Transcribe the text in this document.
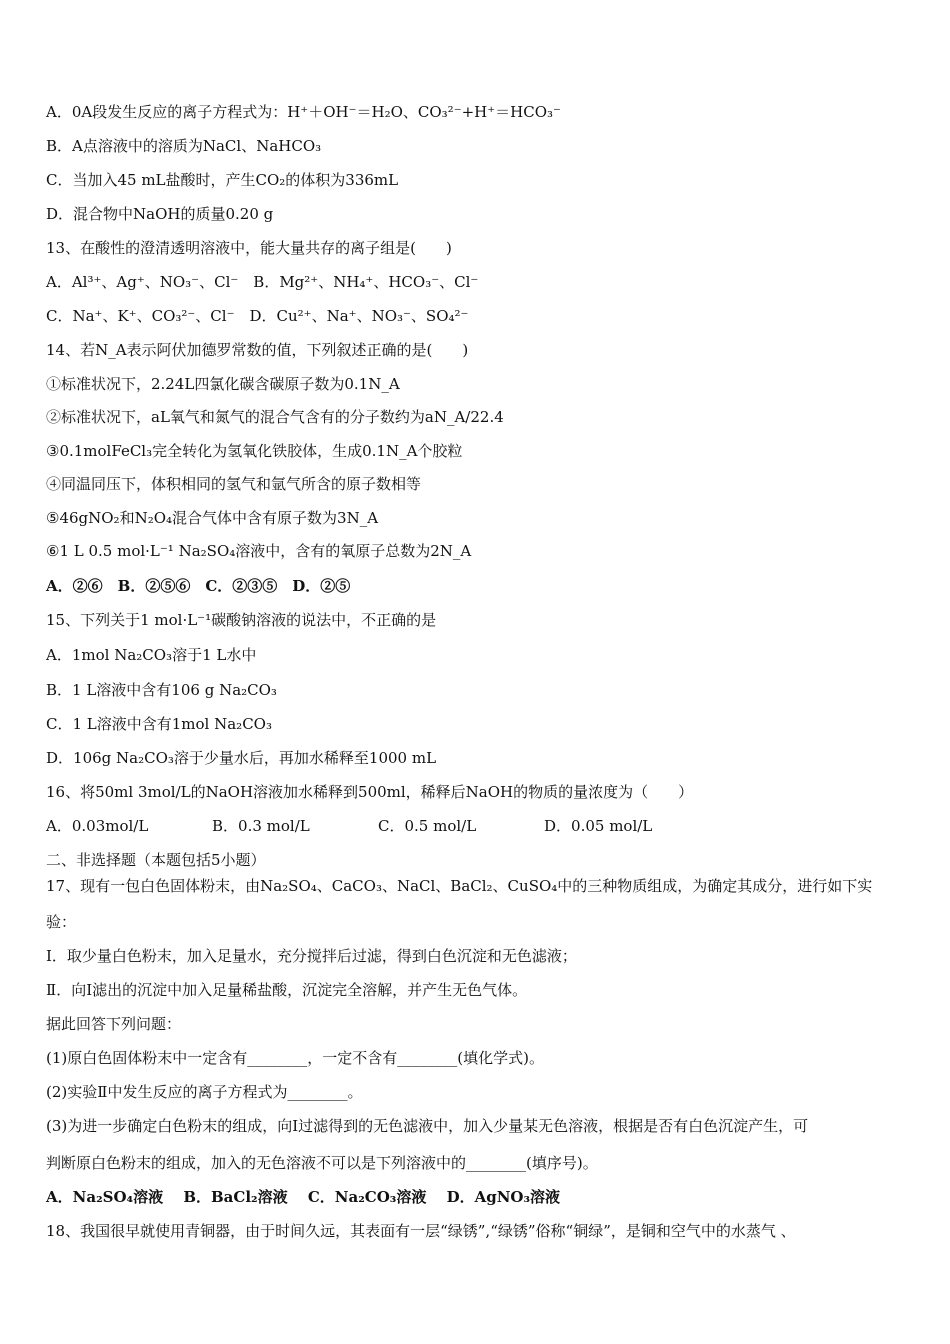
A．0A段发生反应的离子方程式为：H⁺＋OH⁻＝H₂O、CO₃²⁻+H⁺＝HCO₃⁻
B．A点溶液中的溶质为NaCl、NaHCO₃
C．当加入45 mL盐酸时，产生CO₂的体积为336mL
D．混合物中NaOH的质量0.20 g
13、在酸性的澄清透明溶液中，能大量共存的离子组是(　　)
A．Al³⁺、Ag⁺、NO₃⁻、Cl⁻　B．Mg²⁺、NH₄⁺、HCO₃⁻、Cl⁻
C．Na⁺、K⁺、CO₃²⁻、Cl⁻　D．Cu²⁺、Na⁺、NO₃⁻、SO₄²⁻
14、若N_A表示阿伏加德罗常数的值，下列叙述正确的是(　　)
①标准状况下，2.24L四氯化碳含碳原子数为0.1N_A
②标准状况下，aL氧气和氮气的混合气含有的分子数约为aN_A/22.4
③0.1molFeCl₃完全转化为氢氧化铁胶体，生成0.1N_A个胶粒
④同温同压下，体积相同的氢气和氩气所含的原子数相等
⑤46gNO₂和N₂O₄混合气体中含有原子数为3N_A
⑥1 L 0.5 mol·L⁻¹ Na₂SO₄溶液中，含有的氧原子总数为2N_A
A．②⑥　B．②⑤⑥　C．②③⑤　D．②⑤
15、下列关于1 mol·L⁻¹碳酸钠溶液的说法中，不正确的是
A．1mol Na₂CO₃溶于1 L水中
B．1 L溶液中含有106 g Na₂CO₃
C．1 L溶液中含有1mol Na₂CO₃
D．106g Na₂CO₃溶于少量水后，再加水稀释至1000 mL
16、将50ml 3mol/L的NaOH溶液加水稀释到500ml，稀释后NaOH的物质的量浓度为（　　）
A．0.03mol/L	B．0.3 mol/L	C．0.5 mol/L	D．0.05 mol/L
二、非选择题（本题包括5小题）
17、现有一包白色固体粉末，由Na₂SO₄、CaCO₃、NaCl、BaCl₂、CuSO₄中的三种物质组成，为确定其成分，进行如下实
验：
Ⅰ．取少量白色粉末，加入足量水，充分搅拌后过滤，得到白色沉淀和无色滤液；
Ⅱ．向Ⅰ滤出的沉淀中加入足量稀盐酸，沉淀完全溶解，并产生无色气体。
据此回答下列问题：
(1)原白色固体粉末中一定含有________，一定不含有________(填化学式)。
(2)实验Ⅱ中发生反应的离子方程式为________。
(3)为进一步确定白色粉末的组成，向Ⅰ过滤得到的无色滤液中，加入少量某无色溶液，根据是否有白色沉淀产生，可
判断原白色粉末的组成，加入的无色溶液不可以是下列溶液中的________(填序号)。
A．Na₂SO₄溶液　 B．BaCl₂溶液　 C．Na₂CO₃溶液　 D．AgNO₃溶液
18、我国很早就使用青铜器，由于时间久远，其表面有一层“绿锈”,“绿锈”俗称“铜绿”，是铜和空气中的水蒸气 、
